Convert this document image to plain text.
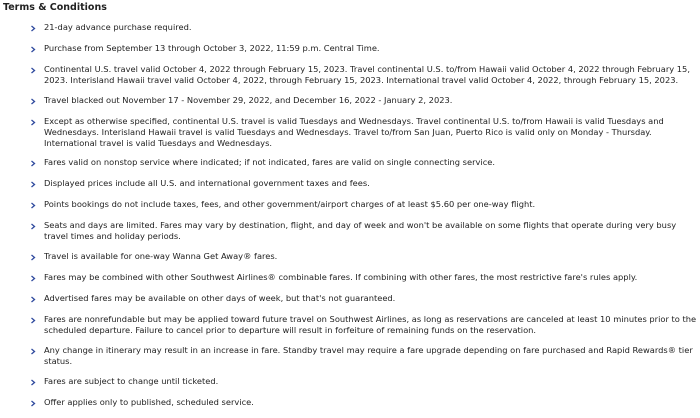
Terms & Conditions
21-day advance purchase required.
Purchase from September 13 through October 3, 2022, 11:59 p.m. Central Time.
Continental U.S. travel valid October 4, 2022 through February 15, 2023. Travel continental U.S. to/from Hawaii valid October 4, 2022 through February 15, 2023. Interisland Hawaii travel valid October 4, 2022, through February 15, 2023. International travel valid October 4, 2022, through February 15, 2023.
Travel blacked out November 17 - November 29, 2022, and December 16, 2022 - January 2, 2023.
Except as otherwise specified, continental U.S. travel is valid Tuesdays and Wednesdays. Travel continental U.S. to/from Hawaii is valid Tuesdays and Wednesdays. Interisland Hawaii travel is valid Tuesdays and Wednesdays. Travel to/from San Juan, Puerto Rico is valid only on Monday - Thursday. International travel is valid Tuesdays and Wednesdays.
Fares valid on nonstop service where indicated; if not indicated, fares are valid on single connecting service.
Displayed prices include all U.S. and international government taxes and fees.
Points bookings do not include taxes, fees, and other government/airport charges of at least $5.60 per one-way flight.
Seats and days are limited. Fares may vary by destination, flight, and day of week and won't be available on some flights that operate during very busy travel times and holiday periods.
Travel is available for one-way Wanna Get Away® fares.
Fares may be combined with other Southwest Airlines® combinable fares. If combining with other fares, the most restrictive fare's rules apply.
Advertised fares may be available on other days of week, but that's not guaranteed.
Fares are nonrefundable but may be applied toward future travel on Southwest Airlines, as long as reservations are canceled at least 10 minutes prior to the scheduled departure. Failure to cancel prior to departure will result in forfeiture of remaining funds on the reservation.
Any change in itinerary may result in an increase in fare. Standby travel may require a fare upgrade depending on fare purchased and Rapid Rewards® tier status.
Fares are subject to change until ticketed.
Offer applies only to published, scheduled service.
